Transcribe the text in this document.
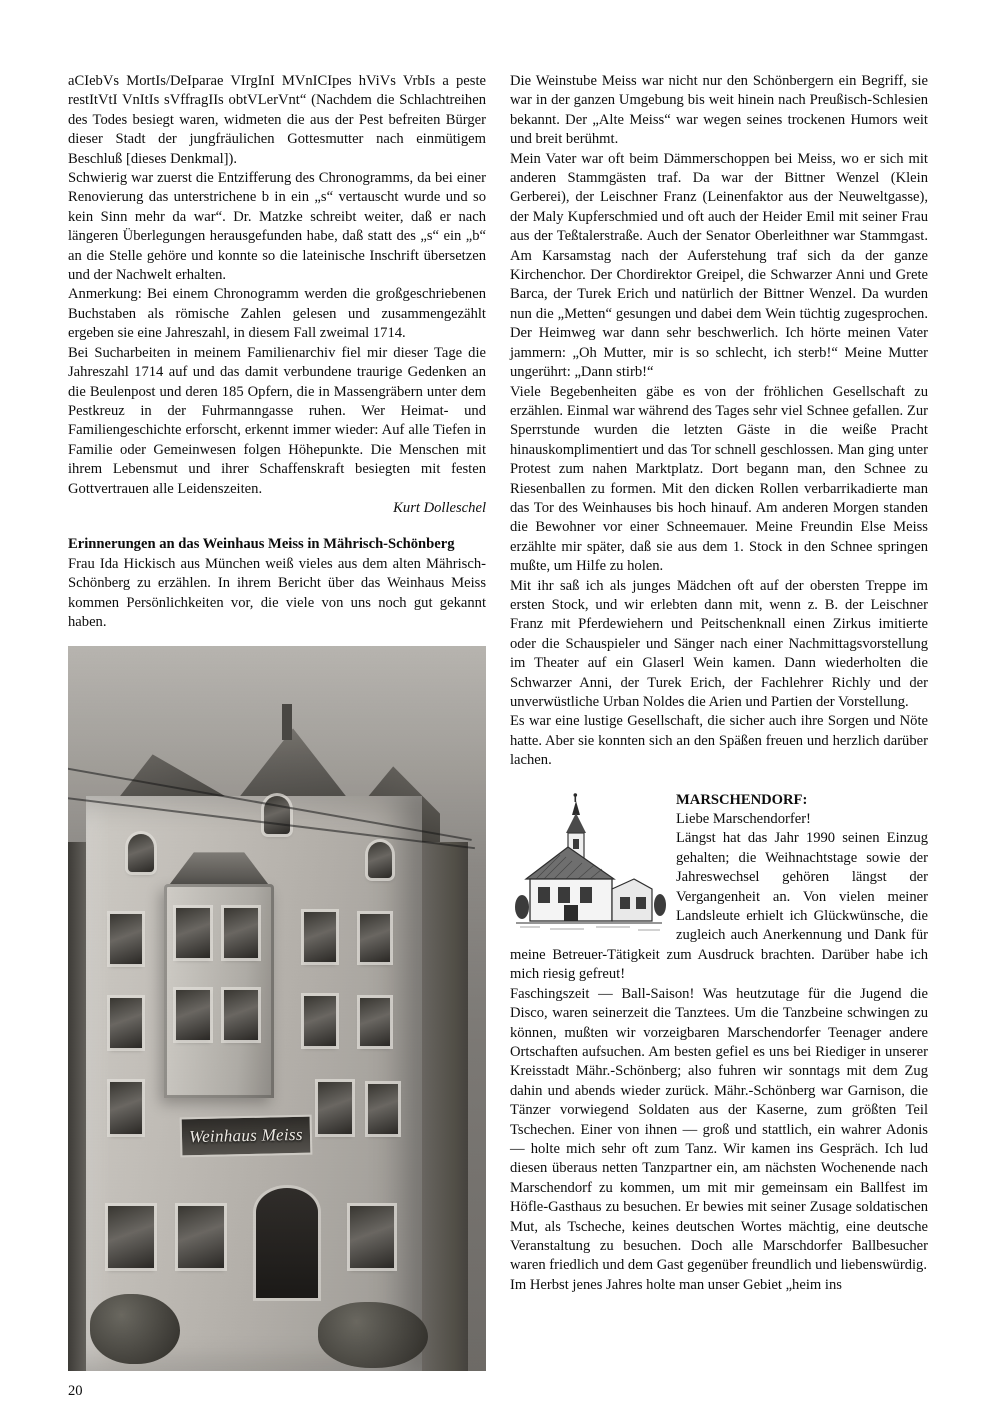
aCIebVs MortIs/DeIparae VIrgInI MVnICIpes hViVs VrbIs a peste restItVtI VnItIs sVffragIIs obtVLerVnt“ (Nachdem die Schlachtreihen des Todes besiegt waren, widmeten die aus der Pest befreiten Bürger dieser Stadt der jungfräulichen Gottesmutter nach einmütigem Beschluß [dieses Denkmal]).

Schwierig war zuerst die Entzifferung des Chronogramms, da bei einer Renovierung das unterstrichene b in ein „s“ vertauscht wurde und so kein Sinn mehr da war“. Dr. Matzke schreibt weiter, daß er nach längeren Überlegungen herausgefunden habe, daß statt des „s“ ein „b“ an die Stelle gehöre und konnte so die lateinische Inschrift übersetzen und der Nachwelt erhalten.

Anmerkung: Bei einem Chronogramm werden die großgeschriebenen Buchstaben als römische Zahlen gelesen und zusammengezählt ergeben sie eine Jahreszahl, in diesem Fall zweimal 1714.

Bei Sucharbeiten in meinem Familienarchiv fiel mir dieser Tage die Jahreszahl 1714 auf und das damit verbundene traurige Gedenken an die Beulenpost und deren 185 Opfern, die in Massengräbern unter dem Pestkreuz in der Fuhrmanngasse ruhen. Wer Heimat- und Familiengeschichte erforscht, erkennt immer wieder: Auf alle Tiefen in Familie oder Gemeinwesen folgen Höhepunkte. Die Menschen mit ihrem Lebensmut und ihrer Schaffenskraft besiegten mit festen Gottvertrauen alle Leidenszeiten.

Kurt Dolleschel

Erinnerungen an das Weinhaus Meiss in Mährisch-Schönberg

Frau Ida Hickisch aus München weiß vieles aus dem alten Mährisch-Schönberg zu erzählen. In ihrem Bericht über das Weinhaus Meiss kommen Persönlichkeiten vor, die viele von uns noch gut gekannt haben.

Weinhaus Meiss

Die Weinstube Meiss war nicht nur den Schönbergern ein Begriff, sie war in der ganzen Umgebung bis weit hinein nach Preußisch-Schlesien bekannt. Der „Alte Meiss“ war wegen seines trockenen Humors weit und breit berühmt.

Mein Vater war oft beim Dämmerschoppen bei Meiss, wo er sich mit anderen Stammgästen traf. Da war der Bittner Wenzel (Klein Gerberei), der Leischner Franz (Leinenfaktor aus der Neuweltgasse), der Maly Kupferschmied und oft auch der Heider Emil mit seiner Frau aus der Teßtalerstraße. Auch der Senator Oberleithner war Stammgast. Am Karsamstag nach der Auferstehung traf sich da der ganze Kirchenchor. Der Chordirektor Greipel, die Schwarzer Anni und Grete Barca, der Turek Erich und natürlich der Bittner Wenzel. Da wurden nun die „Metten“ gesungen und dabei dem Wein tüchtig zugesprochen. Der Heimweg war dann sehr beschwerlich. Ich hörte meinen Vater jammern: „Oh Mutter, mir is so schlecht, ich sterb!“ Meine Mutter ungerührt: „Dann stirb!“

Viele Begebenheiten gäbe es von der fröhlichen Gesellschaft zu erzählen. Einmal war während des Tages sehr viel Schnee gefallen. Zur Sperrstunde wurden die letzten Gäste in die weiße Pracht hinauskomplimentiert und das Tor schnell geschlossen. Man ging unter Protest zum nahen Marktplatz. Dort begann man, den Schnee zu Riesenballen zu formen. Mit den dicken Rollen verbarrikadierte man das Tor des Weinhauses bis hoch hinauf. Am anderen Morgen standen die Bewohner vor einer Schneemauer. Meine Freundin Else Meiss erzählte mir später, daß sie aus dem 1. Stock in den Schnee springen mußte, um Hilfe zu holen.

Mit ihr saß ich als junges Mädchen oft auf der obersten Treppe im ersten Stock, und wir erlebten dann mit, wenn z. B. der Leischner Franz mit Pferdewiehern und Peitschenknall einen Zirkus imitierte oder die Schauspieler und Sänger nach einer Nachmittagsvorstellung im Theater auf ein Glaserl Wein kamen. Dann wiederholten die Schwarzer Anni, der Turek Erich, der Fachlehrer Richly und der unverwüstliche Urban Noldes die Arien und Partien der Vorstellung.

Es war eine lustige Gesellschaft, die sicher auch ihre Sorgen und Nöte hatte. Aber sie konnten sich an den Späßen freuen und herzlich darüber lachen.

MARSCHENDORF:
Liebe Marschendorfer!

Längst hat das Jahr 1990 seinen Einzug gehalten; die Weihnachtstage sowie der Jahreswechsel gehören längst der Vergangenheit an. Von vielen meiner Landsleute erhielt ich Glückwünsche, die zugleich auch Anerkennung und Dank für meine Betreuer-Tätigkeit zum Ausdruck brachten. Darüber habe ich mich riesig gefreut!

Faschingszeit — Ball-Saison! Was heutzutage für die Jugend die Disco, waren seinerzeit die Tanztees. Um die Tanzbeine schwingen zu können, mußten wir vorzeigbaren Marschendorfer Teenager andere Ortschaften aufsuchen. Am besten gefiel es uns bei Riediger in unserer Kreisstadt Mähr.-Schönberg; also fuhren wir sonntags mit dem Zug dahin und abends wieder zurück. Mähr.-Schönberg war Garnison, die Tänzer vorwiegend Soldaten aus der Kaserne, zum größten Teil Tschechen. Einer von ihnen — groß und stattlich, ein wahrer Adonis — holte mich sehr oft zum Tanz. Wir kamen ins Gespräch. Ich lud diesen überaus netten Tanzpartner ein, am nächsten Wochenende nach Marschendorf zu kommen, um mit mir gemeinsam ein Ballfest im Höfle-Gasthaus zu besuchen. Er bewies mit seiner Zusage soldatischen Mut, als Tscheche, keines deutschen Wortes mächtig, eine deutsche Veranstaltung zu besuchen. Doch alle Marschdorfer Ballbesucher waren friedlich und dem Gast gegenüber freundlich und liebenswürdig.

Im Herbst jenes Jahres holte man unser Gebiet „heim ins

20
